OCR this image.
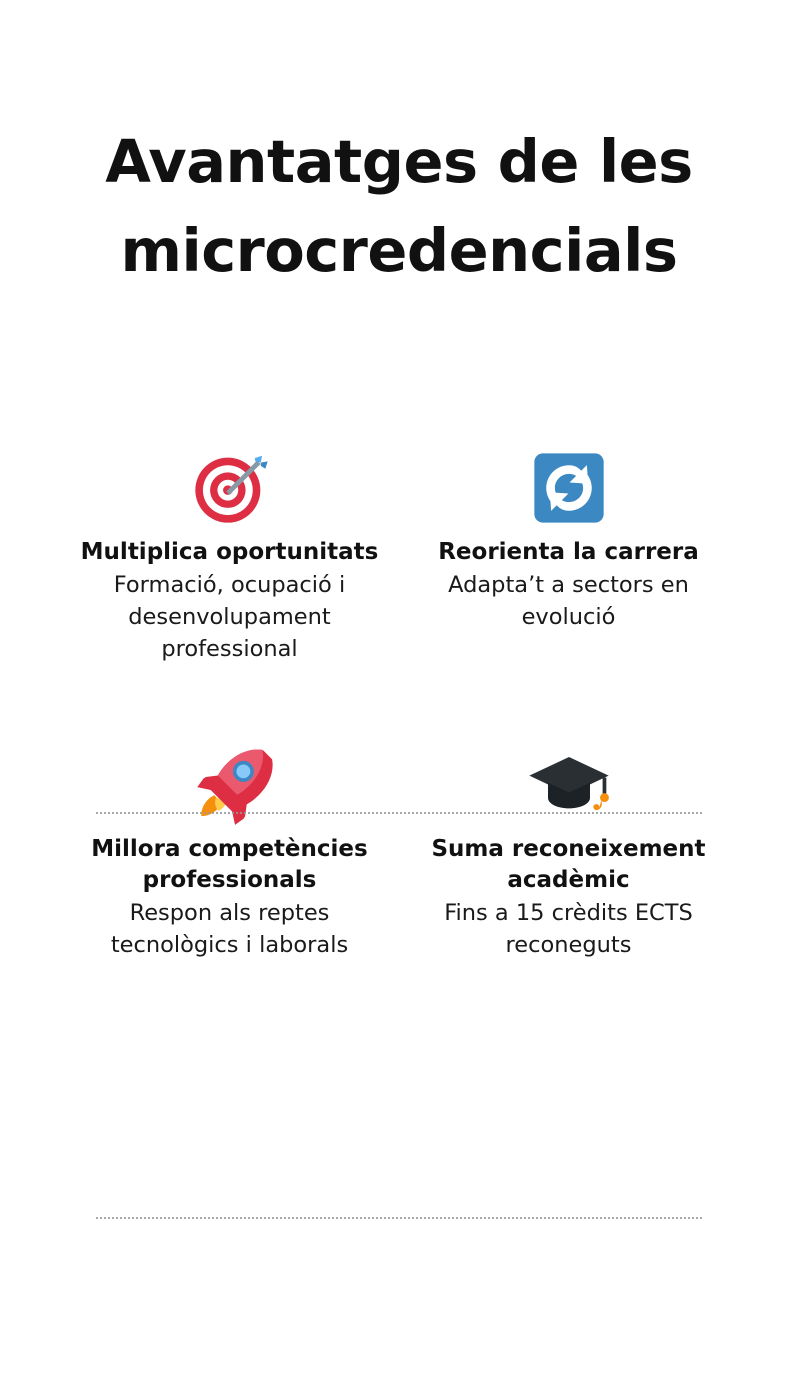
Avantatges de les microcredencials
Multiplica oportunitats
Formació, ocupació i desenvolupament professional
Reorienta la carrera
Adapta’t a sectors en evolució
Millora competències professionals
Respon als reptes tecnològics i laborals
Suma reconeixement acadèmic
Fins a 15 crèdits ECTS reconeguts
